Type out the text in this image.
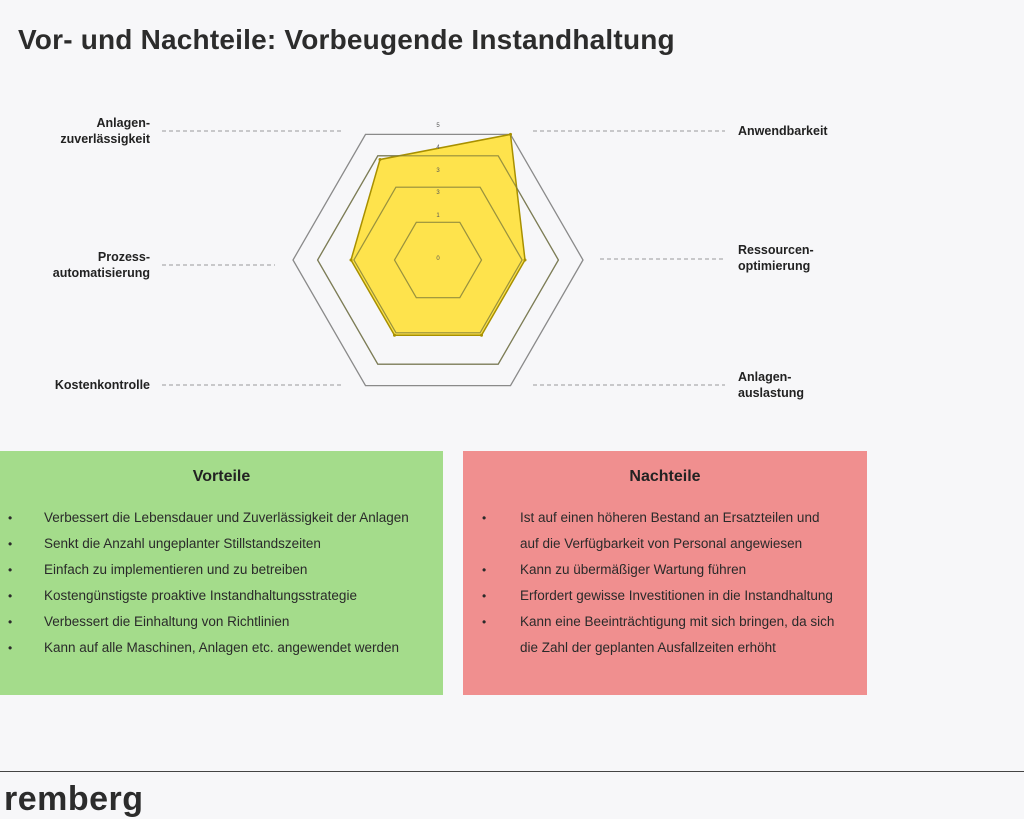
Vor- und Nachteile: Vorbeugende Instandhaltung
0
1
3
3
4
5	Anwendbarkeit
Ressourcen-
optimierung
Anlagen-
auslastung
Kostenkontrolle
Prozess-
automatisierung
Anlagen-
zuverlässigkeit
Vorteile
• Verbessert die Lebensdauer und Zuverlässigkeit der Anlagen
• Senkt die Anzahl ungeplanter Stillstandszeiten
• Einfach zu implementieren und zu betreiben
• Kostengünstigste proaktive Instandhaltungsstrategie
• Verbessert die Einhaltung von Richtlinien
• Kann auf alle Maschinen, Anlagen etc. angewendet werden
Nachteile
•	Ist auf einen höheren Bestand an Ersatzteilen und auf die Verfügbarkeit von Personal angewiesen
•	Kann zu übermäßiger Wartung führen
•	Erfordert gewisse Investitionen in die Instandhaltung
•	Kann eine Beeinträchtigung mit sich bringen, da sich die Zahl der geplanten Ausfallzeiten erhöht
remberg
